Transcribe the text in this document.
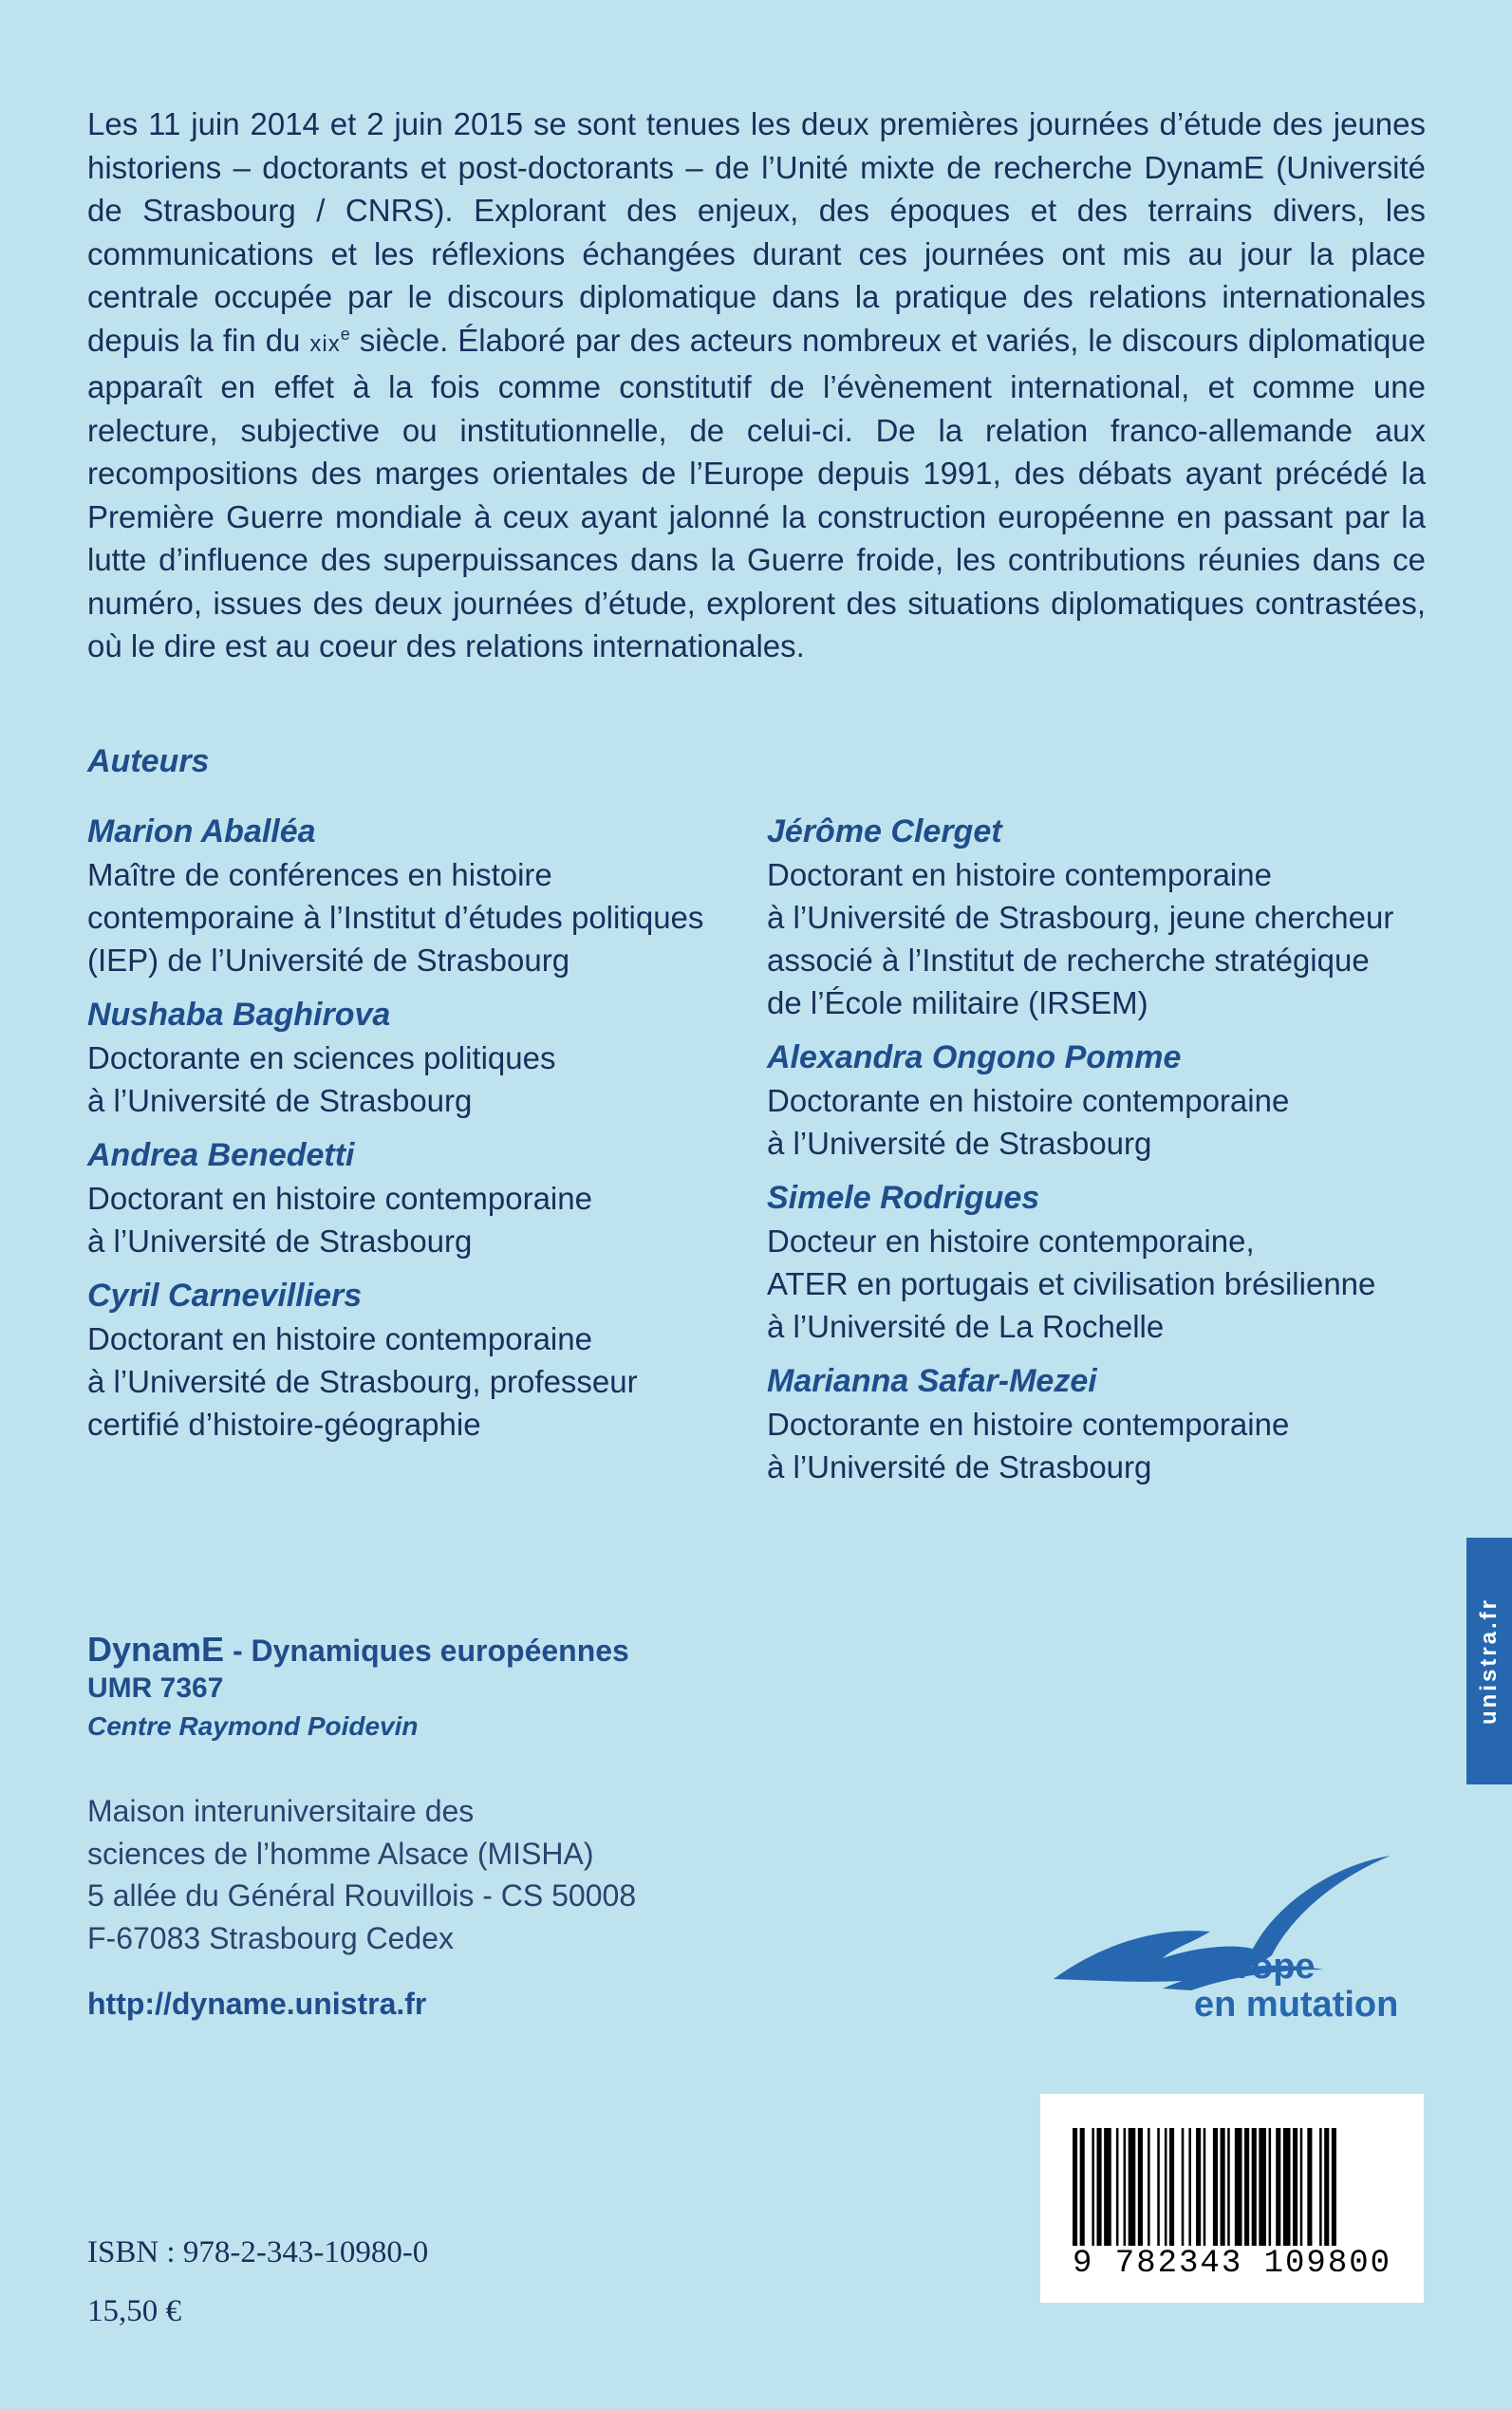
Les 11 juin 2014 et 2 juin 2015 se sont tenues les deux premières journées d’étude des jeunes historiens – doctorants et post-doctorants – de l’Unité mixte de recherche DynamE (Université de Strasbourg / CNRS). Explorant des enjeux, des époques et des terrains divers, les communications et les réflexions échangées durant ces journées ont mis au jour la place centrale occupée par le discours diplomatique dans la pratique des relations internationales depuis la fin du xix$^e$ siècle. Élaboré par des acteurs nombreux et variés, le discours diplomatique apparaît en effet à la fois comme constitutif de l’évènement international, et comme une relecture, subjective ou institutionnelle, de celui-ci. De la relation franco-allemande aux recompositions des marges orientales de l’Europe depuis 1991, des débats ayant précédé la Première Guerre mondiale à ceux ayant jalonné la construction européenne en passant par la lutte d’influence des superpuissances dans la Guerre froide, les contributions réunies dans ce numéro, issues des deux journées d’étude, explorent des situations diplomatiques contrastées, où le dire est au coeur des relations internationales.

Auteurs
Marion Aballéa
Maître de conférences en histoire
contemporaine à l’Institut d’études politiques
(IEP) de l’Université de Strasbourg
Nushaba Baghirova
Doctorante en sciences politiques
à l’Université de Strasbourg
Andrea Benedetti
Doctorant en histoire contemporaine
à l’Université de Strasbourg
Cyril Carnevilliers
Doctorant en histoire contemporaine
à l’Université de Strasbourg, professeur
certifié d’histoire-géographie
Jérôme Clerget
Doctorant en histoire contemporaine
à l’Université de Strasbourg, jeune chercheur
associé à l’Institut de recherche stratégique
de l’École militaire (IRSEM)
Alexandra Ongono Pomme
Doctorante en histoire contemporaine
à l’Université de Strasbourg
Simele Rodrigues
Docteur en histoire contemporaine,
ATER en portugais et civilisation brésilienne
à l’Université de La Rochelle
Marianna Safar-Mezei
Doctorante en histoire contemporaine
à l’Université de Strasbourg
DynamE - Dynamiques européennes
UMR 7367
Centre Raymond Poidevin
Maison interuniversitaire des
sciences de l’homme Alsace (MISHA)
5 allée du Général Rouvillois - CS 50008
F-67083 Strasbourg Cedex
http://dyname.unistra.fr
unistra.fr
urope
en mutation
9 782343 109800
ISBN : 978-2-343-10980-0
15,50 €
